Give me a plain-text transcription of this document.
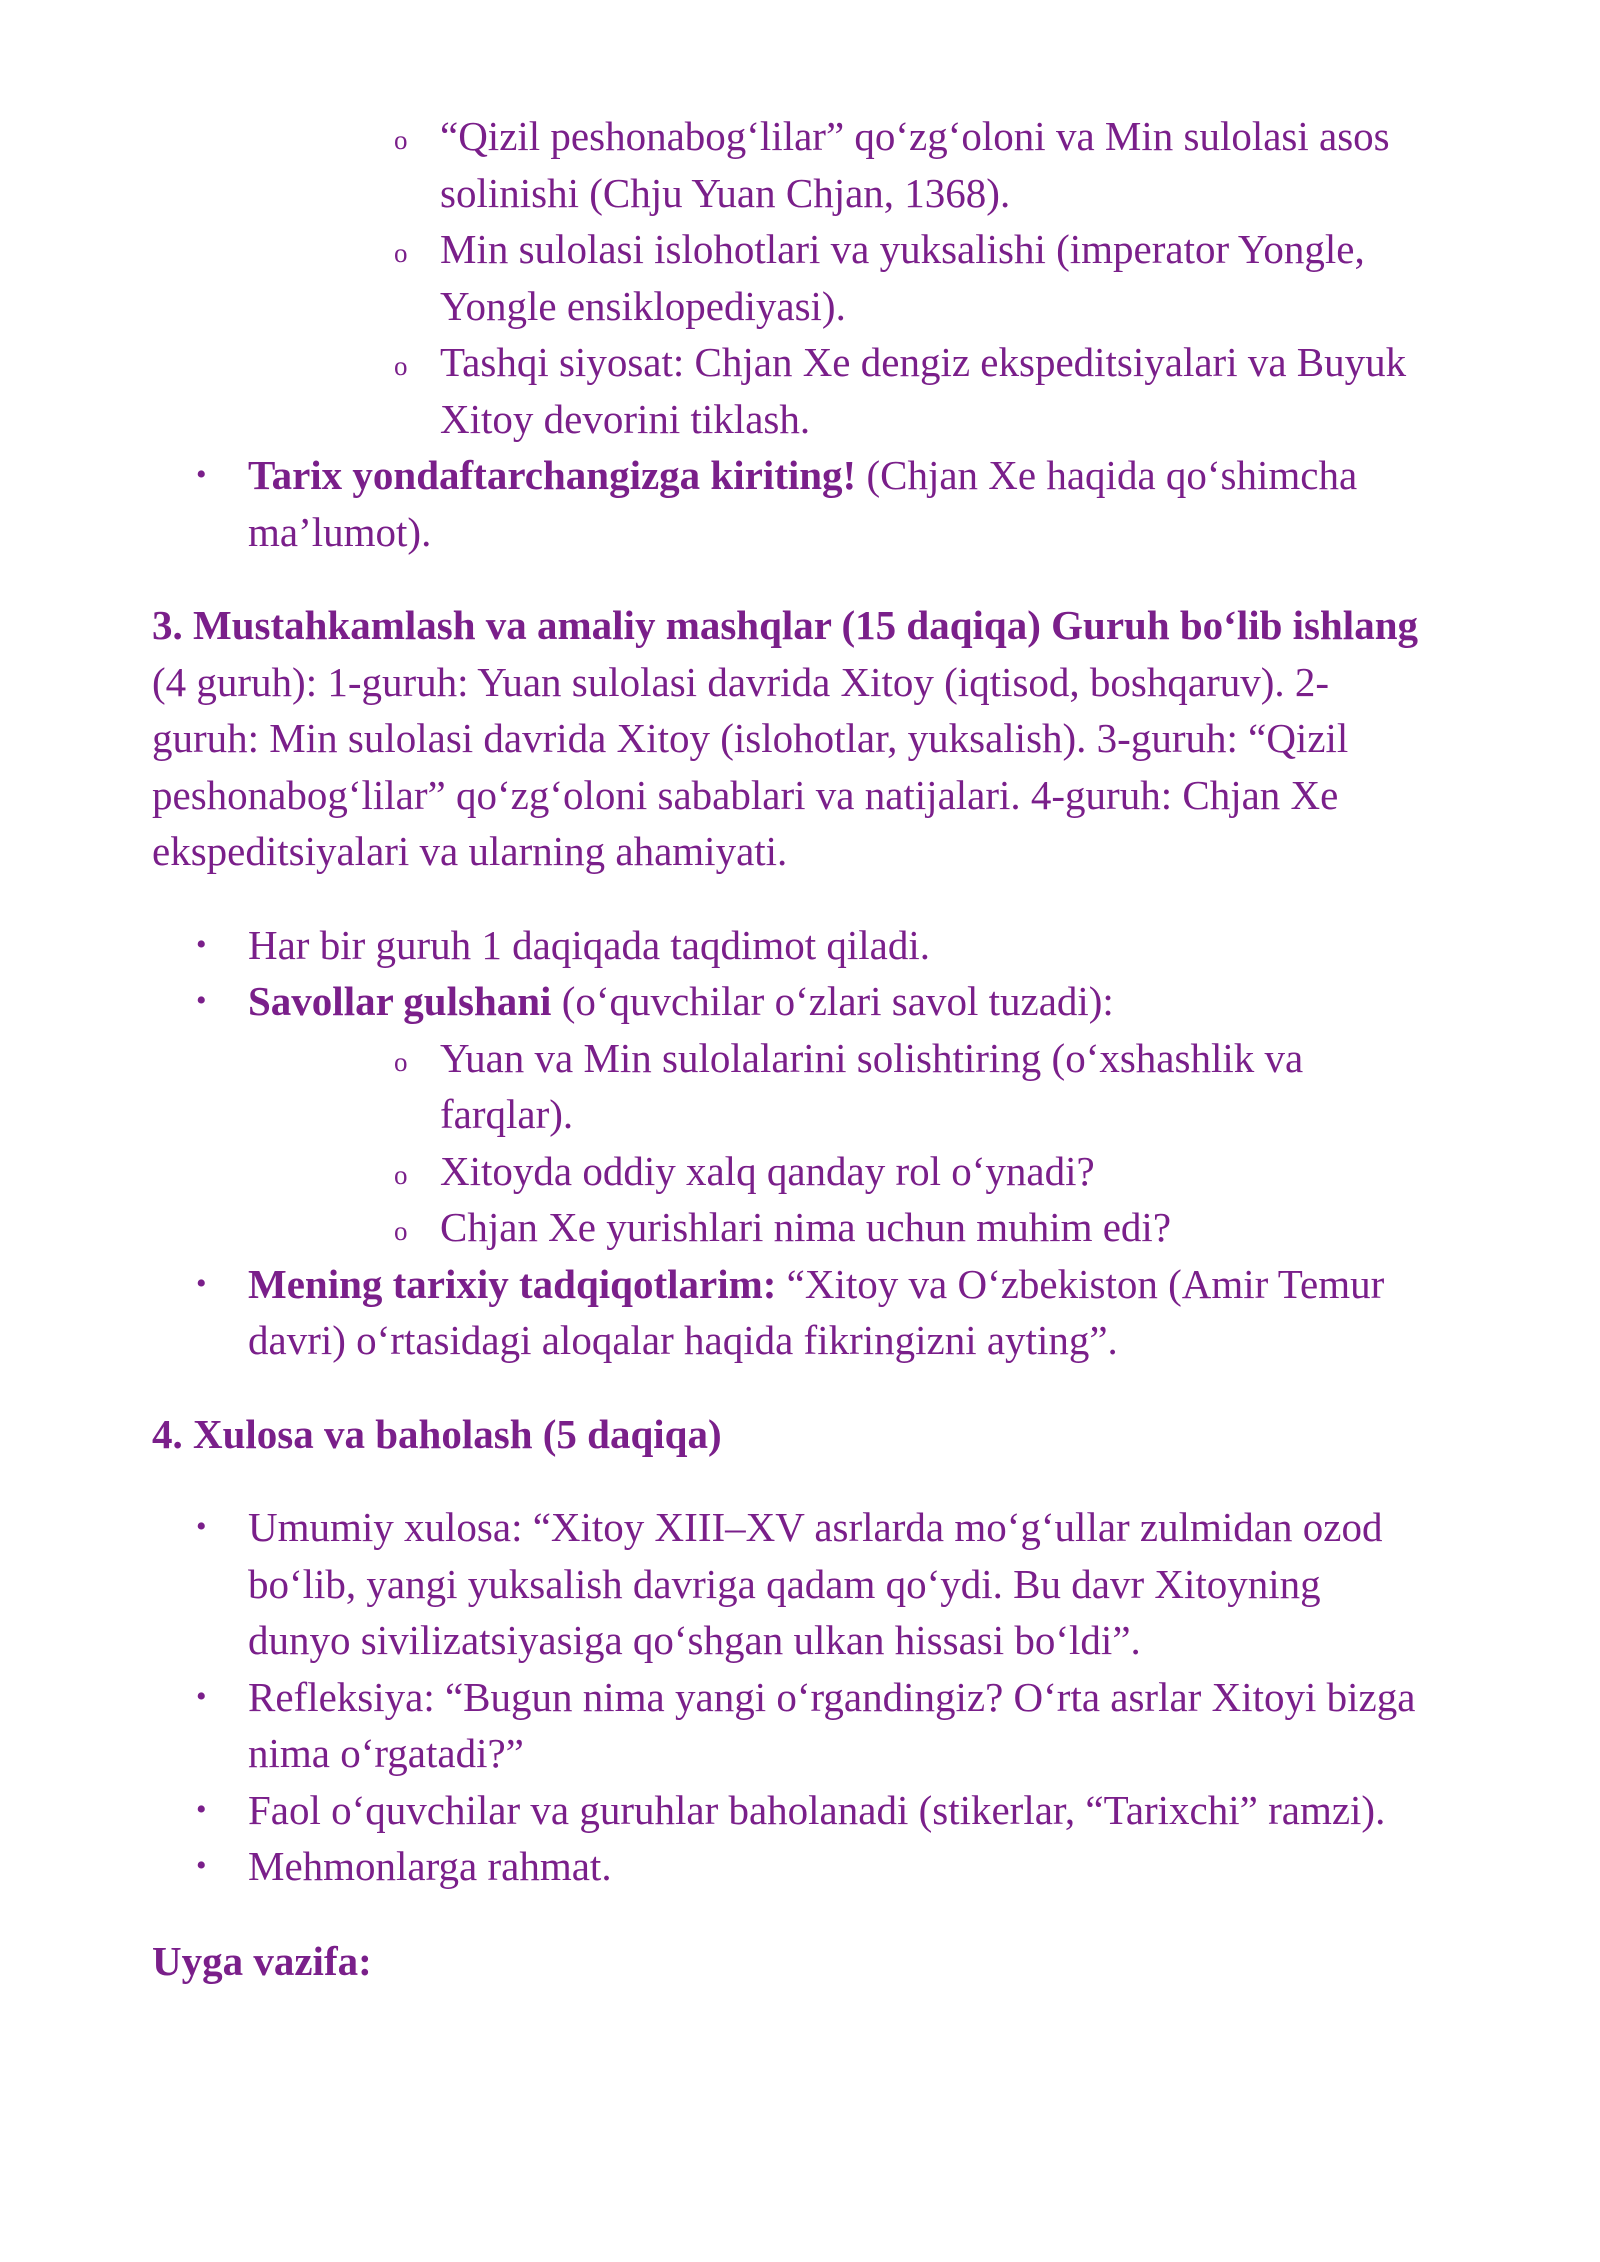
o “Qizil peshonabog‘lilar” qo‘zg‘oloni va Min sulolasi asos solinishi (Chju Yuan Chjan, 1368).
o Min sulolasi islohotlari va yuksalishi (imperator Yongle, Yongle ensiklopediyasi).
o Tashqi siyosat: Chjan Xe dengiz ekspeditsiyalari va Buyuk Xitoy devorini tiklash.
• Tarix yondaftarchangizga kiriting! (Chjan Xe haqida qo‘shimcha ma’lumot).

3. Mustahkamlash va amaliy mashqlar (15 daqiqa) Guruh bo‘lib ishlang (4 guruh): 1-guruh: Yuan sulolasi davrida Xitoy (iqtisod, boshqaruv). 2-guruh: Min sulolasi davrida Xitoy (islohotlar, yuksalish). 3-guruh: “Qizil peshonabog‘lilar” qo‘zg‘oloni sabablari va natijalari. 4-guruh: Chjan Xe ekspeditsiyalari va ularning ahamiyati.

• Har bir guruh 1 daqiqada taqdimot qiladi.
• Savollar gulshani (o‘quvchilar o‘zlari savol tuzadi):
o Yuan va Min sulolalarini solishtiring (o‘xshashlik va farqlar).
o Xitoyda oddiy xalq qanday rol o‘ynadi?
o Chjan Xe yurishlari nima uchun muhim edi?
• Mening tarixiy tadqiqotlarim: “Xitoy va O‘zbekiston (Amir Temur davri) o‘rtasidagi aloqalar haqida fikringizni ayting”.

4. Xulosa va baholash (5 daqiqa)

• Umumiy xulosa: “Xitoy XIII–XV asrlarda mo‘g‘ullar zulmidan ozod bo‘lib, yangi yuksalish davriga qadam qo‘ydi. Bu davr Xitoyning dunyo sivilizatsiyasiga qo‘shgan ulkan hissasi bo‘ldi”.
• Refleksiya: “Bugun nima yangi o‘rgandingiz? O‘rta asrlar Xitoyi bizga nima o‘rgatadi?”
• Faol o‘quvchilar va guruhlar baholanadi (stikerlar, “Tarixchi” ramzi).
• Mehmonlarga rahmat.

Uyga vazifa:
